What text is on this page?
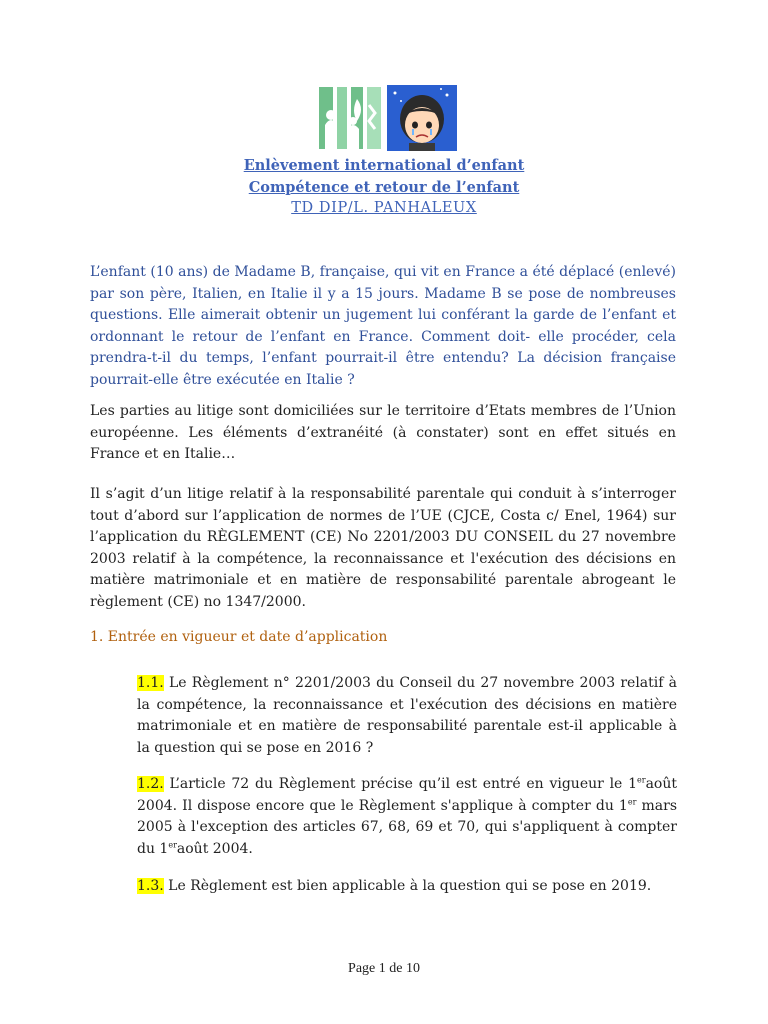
Enlèvement international d’enfant
Compétence et retour de l’enfant
TD DIP/L. PANHALEUX

L’enfant (10 ans) de Madame B, française, qui vit en France a été déplacé (enlevé) par son père, Italien, en Italie il y a 15 jours. Madame B se pose de nombreuses questions. Elle aimerait obtenir un jugement lui conférant la garde de l’enfant et ordonnant le retour de l’enfant en France. Comment doit- elle procéder, cela prendra-t-il du temps, l’enfant pourrait-il être entendu? La décision française pourrait-elle être exécutée en Italie ?

Les parties au litige sont domiciliées sur le territoire d’Etats membres de l’Union européenne. Les éléments d’extranéité (à constater) sont en effet situés en France et en Italie…

Il s’agit d’un litige relatif à la responsabilité parentale qui conduit à s’interroger tout d’abord sur l’application de normes de l’UE (CJCE, Costa c/ Enel, 1964) sur l’application du RÈGLEMENT (CE) No 2201/2003 DU CONSEIL du 27 novembre 2003 relatif à la compétence, la reconnaissance et l'exécution des décisions en matière matrimoniale et en matière de responsabilité parentale abrogeant le règlement (CE) no 1347/2000.

1. Entrée en vigueur et date d’application

1.1. Le Règlement n° 2201/2003 du Conseil du 27 novembre 2003 relatif à la compétence, la reconnaissance et l'exécution des décisions en matière matrimoniale et en matière de responsabilité parentale est-il applicable à la question qui se pose en 2016 ?

1.2. L’article 72 du Règlement précise qu’il est entré en vigueur le 1eraoût 2004. Il dispose encore que le Règlement s'applique à compter du 1er mars 2005 à l'exception des articles 67, 68, 69 et 70, qui s'appliquent à compter du 1eraoût 2004.

1.3. Le Règlement est bien applicable à la question qui se pose en 2019.

Page 1 de 10
